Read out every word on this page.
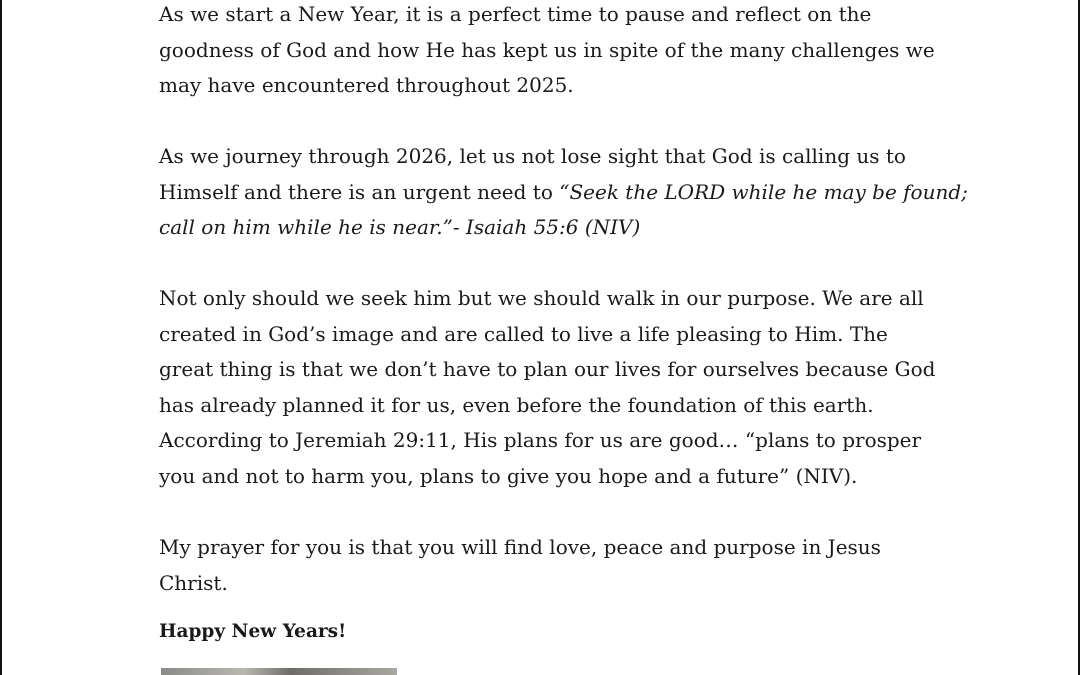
As we start a New Year, it is a perfect time to pause and reflect on the
goodness of God and how He has kept us in spite of the many challenges we
may have encountered throughout 2025.

As we journey through 2026, let us not lose sight that God is calling us to
Himself and there is an urgent need to “Seek the LORD while he may be found;
call on him while he is near.”- Isaiah 55:6 (NIV)

Not only should we seek him but we should walk in our purpose. We are all
created in God’s image and are called to live a life pleasing to Him. The
great thing is that we don’t have to plan our lives for ourselves because God
has already planned it for us, even before the foundation of this earth.
According to Jeremiah 29:11, His plans for us are good… “plans to prosper
you and not to harm you, plans to give you hope and a future” (NIV).

My prayer for you is that you will find love, peace and purpose in Jesus
Christ.

Happy New Years!
